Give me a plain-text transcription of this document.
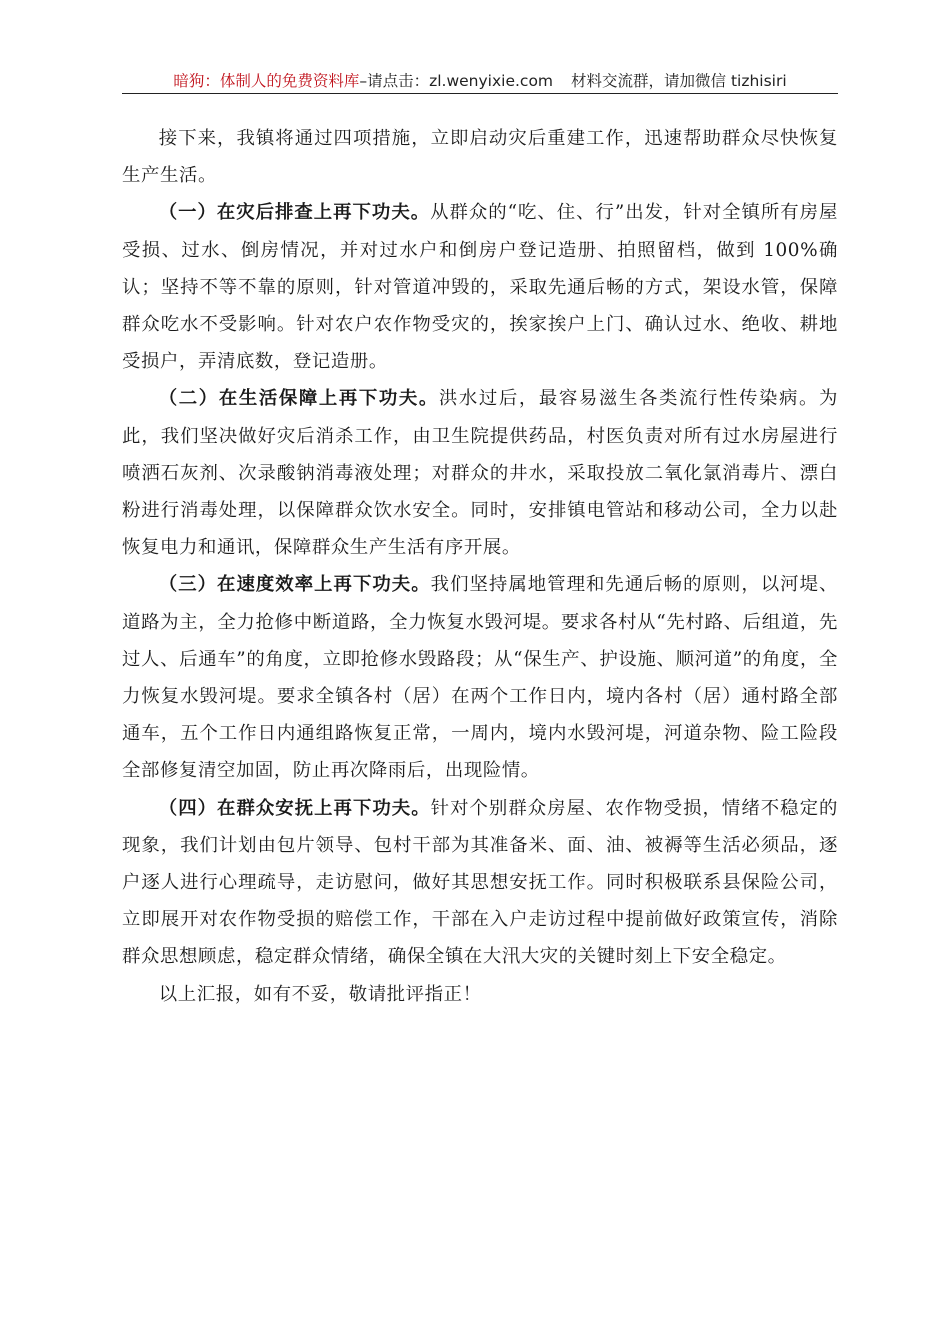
暗狗：体制人的免费资料库–请点击：zl.wenyixie.com 材料交流群，请加微信 tizhisiri

接下来，我镇将通过四项措施，立即启动灾后重建工作，迅速帮助群众尽快恢复生产生活。

（一）在灾后排查上再下功夫。从群众的“吃、住、行”出发，针对全镇所有房屋受损、过水、倒房情况，并对过水户和倒房户登记造册、拍照留档，做到 100%确认；坚持不等不靠的原则，针对管道冲毁的，采取先通后畅的方式，架设水管，保障群众吃水不受影响。针对农户农作物受灾的，挨家挨户上门、确认过水、绝收、耕地受损户，弄清底数，登记造册。

（二）在生活保障上再下功夫。洪水过后，最容易滋生各类流行性传染病。为此，我们坚决做好灾后消杀工作，由卫生院提供药品，村医负责对所有过水房屋进行喷洒石灰剂、次录酸钠消毒液处理；对群众的井水，采取投放二氧化氯消毒片、漂白粉进行消毒处理，以保障群众饮水安全。同时，安排镇电管站和移动公司，全力以赴恢复电力和通讯，保障群众生产生活有序开展。

（三）在速度效率上再下功夫。我们坚持属地管理和先通后畅的原则，以河堤、道路为主，全力抢修中断道路，全力恢复水毁河堤。要求各村从“先村路、后组道，先过人、后通车”的角度，立即抢修水毁路段；从“保生产、护设施、顺河道”的角度，全力恢复水毁河堤。要求全镇各村（居）在两个工作日内，境内各村（居）通村路全部通车，五个工作日内通组路恢复正常，一周内，境内水毁河堤，河道杂物、险工险段全部修复清空加固，防止再次降雨后，出现险情。

（四）在群众安抚上再下功夫。针对个别群众房屋、农作物受损，情绪不稳定的现象，我们计划由包片领导、包村干部为其准备米、面、油、被褥等生活必须品，逐户逐人进行心理疏导，走访慰问，做好其思想安抚工作。同时积极联系县保险公司，立即展开对农作物受损的赔偿工作，干部在入户走访过程中提前做好政策宣传，消除群众思想顾虑，稳定群众情绪，确保全镇在大汛大灾的关键时刻上下安全稳定。

以上汇报，如有不妥，敬请批评指正！
